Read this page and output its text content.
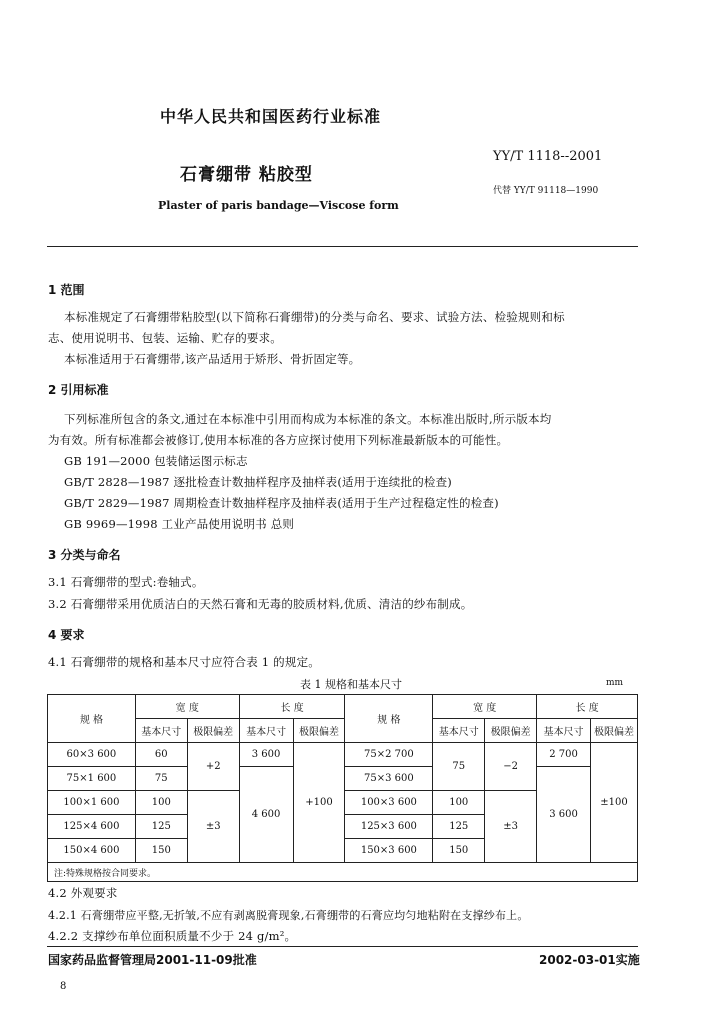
中华人民共和国医药行业标准
YY/T 1118--2001
石膏绷带 粘胶型
代替 YY/T 91118—1990
Plaster of paris bandage—Viscose form
1 范围
本标准规定了石膏绷带粘胶型(以下简称石膏绷带)的分类与命名、要求、试验方法、检验规则和标
志、使用说明书、包装、运输、贮存的要求。
本标准适用于石膏绷带,该产品适用于矫形、骨折固定等。
2 引用标准
下列标准所包含的条文,通过在本标准中引用而构成为本标准的条文。本标准出版时,所示版本均
为有效。所有标准都会被修订,使用本标准的各方应探讨使用下列标准最新版本的可能性。
GB 191—2000 包装储运图示标志
GB/T 2828—1987 逐批检查计数抽样程序及抽样表(适用于连续批的检查)
GB/T 2829—1987 周期检查计数抽样程序及抽样表(适用于生产过程稳定性的检查)
GB 9969—1998 工业产品使用说明书 总则
3 分类与命名
3.1 石膏绷带的型式:卷轴式。
3.2 石膏绷带采用优质洁白的天然石膏和无毒的胶质材料,优质、清洁的纱布制成。
4 要求
4.1 石膏绷带的规格和基本尺寸应符合表 1 的规定。
表 1 规格和基本尺寸	mm
规 格	宽 度		长 度		规 格	宽 度		长 度	
	基本尺寸	极限偏差	基本尺寸	极限偏差		基本尺寸	极限偏差	基本尺寸	极限偏差
60×3 600	60	+2	3 600	+100	75×2 700	75	−2	2 700	±100
75×1 600	75		4 600		75×3 600			3 600	
100×1 600	100	±3			100×3 600	100	±3		
125×4 600	125				125×3 600	125			
150×4 600	150				150×3 600	150			
注:特殊规格按合同要求。									
4.2 外观要求
4.2.1 石膏绷带应平整,无折皱,不应有剥离脱膏现象,石膏绷带的石膏应均匀地粘附在支撑纱布上。
4.2.2 支撑纱布单位面积质量不少于 24 g/m²。
国家药品监督管理局2001-11-09批准	2002-03-01实施
8
